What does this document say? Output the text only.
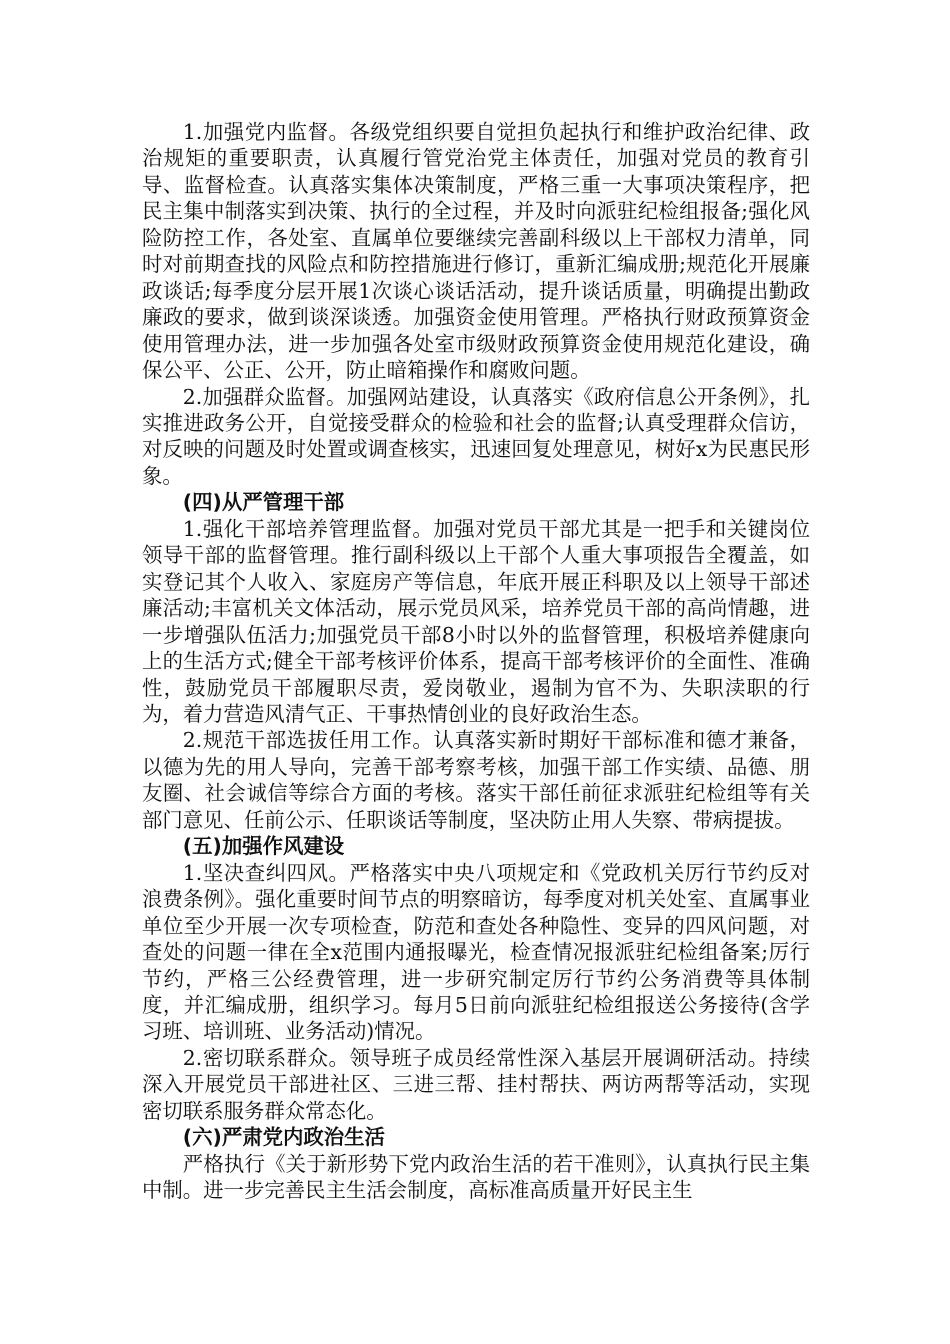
1.加强党内监督。各级党组织要自觉担负起执行和维护政治纪律、政治规矩的重要职责，认真履行管党治党主体责任，加强对党员的教育引导、监督检查。认真落实集体决策制度，严格三重一大事项决策程序，把民主集中制落实到决策、执行的全过程，并及时向派驻纪检组报备;强化风险防控工作，各处室、直属单位要继续完善副科级以上干部权力清单，同时对前期查找的风险点和防控措施进行修订，重新汇编成册;规范化开展廉政谈话;每季度分层开展1次谈心谈话活动，提升谈话质量，明确提出勤政廉政的要求，做到谈深谈透。加强资金使用管理。严格执行财政预算资金使用管理办法，进一步加强各处室市级财政预算资金使用规范化建设，确保公平、公正、公开，防止暗箱操作和腐败问题。

2.加强群众监督。加强网站建设，认真落实《政府信息公开条例》，扎实推进政务公开，自觉接受群众的检验和社会的监督;认真受理群众信访，对反映的问题及时处置或调查核实，迅速回复处理意见，树好x为民惠民形象。

(四)从严管理干部

1.强化干部培养管理监督。加强对党员干部尤其是一把手和关键岗位领导干部的监督管理。推行副科级以上干部个人重大事项报告全覆盖，如实登记其个人收入、家庭房产等信息，年底开展正科职及以上领导干部述廉活动;丰富机关文体活动，展示党员风采，培养党员干部的高尚情趣，进一步增强队伍活力;加强党员干部8小时以外的监督管理，积极培养健康向上的生活方式;健全干部考核评价体系，提高干部考核评价的全面性、准确性，鼓励党员干部履职尽责，爱岗敬业，遏制为官不为、失职渎职的行为，着力营造风清气正、干事热情创业的良好政治生态。

2.规范干部选拔任用工作。认真落实新时期好干部标准和德才兼备，以德为先的用人导向，完善干部考察考核，加强干部工作实绩、品德、朋友圈、社会诚信等综合方面的考核。落实干部任前征求派驻纪检组等有关部门意见、任前公示、任职谈话等制度，坚决防止用人失察、带病提拔。

(五)加强作风建设

1.坚决查纠四风。严格落实中央八项规定和《党政机关厉行节约反对浪费条例》。强化重要时间节点的明察暗访，每季度对机关处室、直属事业单位至少开展一次专项检查，防范和查处各种隐性、变异的四风问题，对查处的问题一律在全x范围内通报曝光，检查情况报派驻纪检组备案;厉行节约，严格三公经费管理，进一步研究制定厉行节约公务消费等具体制度，并汇编成册，组织学习。每月5日前向派驻纪检组报送公务接待(含学习班、培训班、业务活动)情况。

2.密切联系群众。领导班子成员经常性深入基层开展调研活动。持续深入开展党员干部进社区、三进三帮、挂村帮扶、两访两帮等活动，实现密切联系服务群众常态化。

(六)严肃党内政治生活

严格执行《关于新形势下党内政治生活的若干准则》，认真执行民主集中制。进一步完善民主生活会制度，高标准高质量开好民主生
